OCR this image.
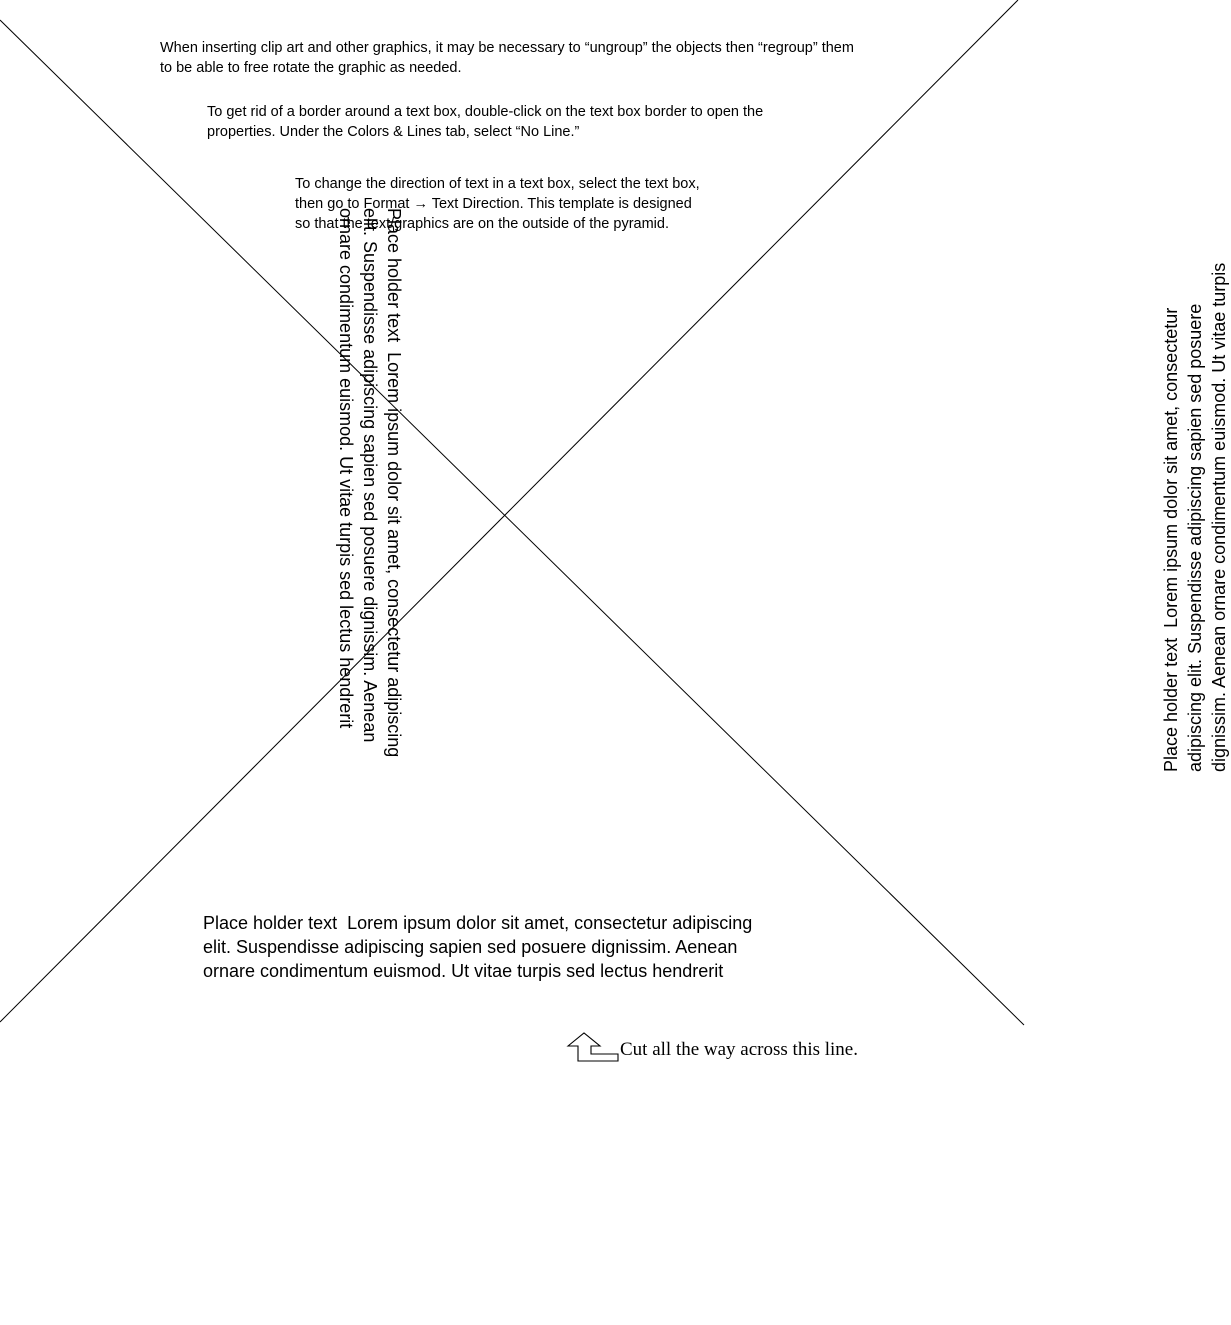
When inserting clip art and other graphics, it may be necessary to “ungroup” the objects then “regroup” them to be able to free rotate the graphic as needed.

To get rid of a border around a text box, double-click on the text box border to open the properties. Under the Colors & Lines tab, select “No Line.”

To change the direction of text in a text box, select the text box, then go to Format → Text Direction. This template is designed so that the text/graphics are on the outside of the pyramid.

Place holder text  Lorem ipsum dolor sit amet, consectetur adipiscing
elit. Suspendisse adipiscing sapien sed posuere dignissim. Aenean
ornare condimentum euismod. Ut vitae turpis sed lectus hendrerit

Place holder text  Lorem ipsum dolor sit amet, consectetur
adipiscing elit. Suspendisse adipiscing sapien sed posuere
dignissim. Aenean ornare condimentum euismod. Ut vitae turpis

Place holder text  Lorem ipsum dolor sit amet, consectetur adipiscing
elit. Suspendisse adipiscing sapien sed posuere dignissim. Aenean
ornare condimentum euismod. Ut vitae turpis sed lectus hendrerit

Cut all the way across this line.
